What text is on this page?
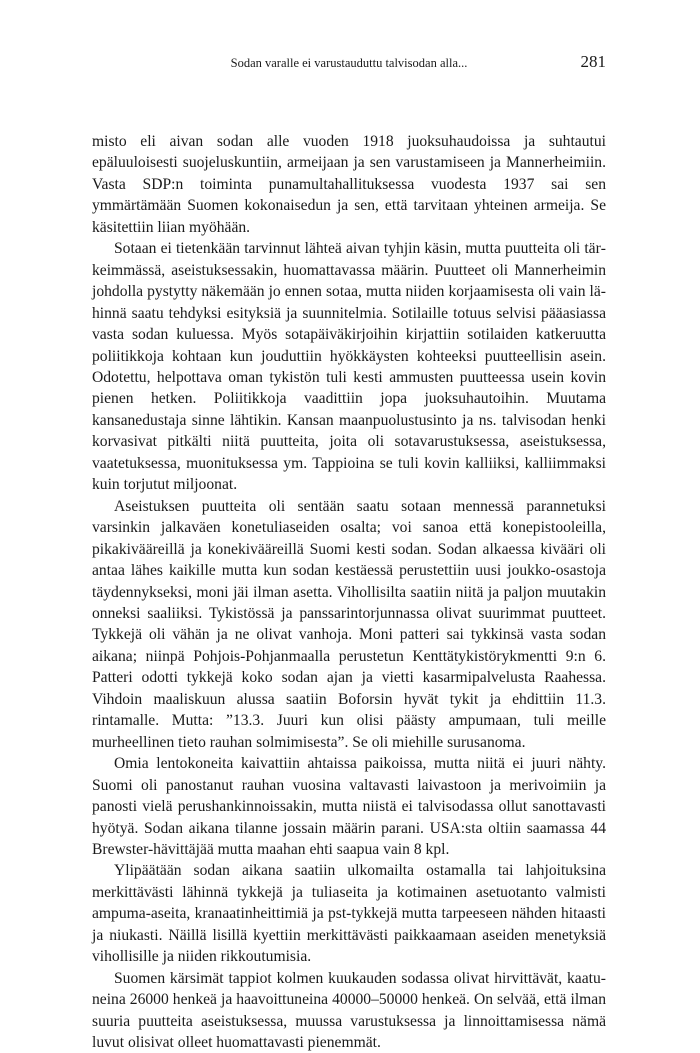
Sodan varalle ei varustauduttu talvisodan alla...	281

misto eli aivan sodan alle vuoden 1918 juoksuhaudoissa ja suhtautui epäluuloisesti suojeluskuntiin, armeijaan ja sen varustamiseen ja Mannerheimiin. Vasta SDP:n toiminta punamultahallituksessa vuodesta 1937 sai sen ymmärtämään Suomen kokonaisedun ja sen, että tarvitaan yhteinen armeija. Se käsitettiin liian myöhään.

Sotaan ei tietenkään tarvinnut lähteä aivan tyhjin käsin, mutta puutteita oli tärkeimmässä, aseistuksessakin, huomattavassa määrin. Puutteet oli Mannerheimin johdolla pystytty näkemään jo ennen sotaa, mutta niiden korjaamisesta oli vain lähinnä saatu tehdyksi esityksiä ja suunnitelmia. Sotilaille totuus selvisi pääasiassa vasta sodan kuluessa. Myös sotapäiväkirjoihin kirjattiin sotilaiden katkeruutta poliitikkoja kohtaan kun jouduttiin hyökkäysten kohteeksi puutteellisin asein. Odotettu, helpottava oman tykistön tuli kesti ammusten puutteessa usein kovin pienen hetken. Poliitikkoja vaadittiin jopa juoksuhautoihin. Muutama kansanedustaja sinne lähtikin. Kansan maanpuolustusinto ja ns. talvisodan henki korvasivat pitkälti niitä puutteita, joita oli sotavarustuksessa, aseistuksessa, vaatetuksessa, muonituksessa ym. Tappioina se tuli kovin kalliiksi, kalliimmaksi kuin torjutut miljoonat.

Aseistuksen puutteita oli sentään saatu sotaan mennessä parannetuksi varsinkin jalkaväen konetuliaseiden osalta; voi sanoa että konepistooleilla, pikakivääreillä ja konekivääreillä Suomi kesti sodan. Sodan alkaessa kivääri oli antaa lähes kaikille mutta kun sodan kestäessä perustettiin uusi joukko-osastoja täydennykseksi, moni jäi ilman asetta. Vihollisilta saatiin niitä ja paljon muutakin onneksi saaliiksi. Tykistössä ja panssarintorjunnassa olivat suurimmat puutteet. Tykkejä oli vähän ja ne olivat vanhoja. Moni patteri sai tykkinsä vasta sodan aikana; niinpä Pohjois-Pohjanmaalla perustetun Kenttätykistörykmentti 9:n 6. Patteri odotti tykkejä koko sodan ajan ja vietti kasarmipalvelusta Raahessa. Vihdoin maaliskuun alussa saatiin Boforsin hyvät tykit ja ehdittiin 11.3. rintamalle. Mutta: ”13.3. Juuri kun olisi päästy ampumaan, tuli meille murheellinen tieto rauhan solmimisesta”. Se oli miehille surusanoma.

Omia lentokoneita kaivattiin ahtaissa paikoissa, mutta niitä ei juuri nähty. Suomi oli panostanut rauhan vuosina valtavasti laivastoon ja merivoimiin ja panosti vielä perushankinnoissakin, mutta niistä ei talvisodassa ollut sanottavasti hyötyä. Sodan aikana tilanne jossain määrin parani. USA:sta oltiin saamassa 44 Brewster-hävittäjää mutta maahan ehti saapua vain 8 kpl.

Ylipäätään sodan aikana saatiin ulkomailta ostamalla tai lahjoituksina merkittävästi lähinnä tykkejä ja tuliaseita ja kotimainen asetuotanto valmisti ampuma-aseita, kranaatinheittimiä ja pst-tykkejä mutta tarpeeseen nähden hitaasti ja niukasti. Näillä lisillä kyettiin merkittävästi paikkaamaan aseiden menetyksiä vihollisille ja niiden rikkoutumisia.

Suomen kärsimät tappiot kolmen kuukauden sodassa olivat hirvittävät, kaatuneina 26000 henkeä ja haavoittuneina 40000–50000 henkeä. On selvää, että ilman suuria puutteita aseistuksessa, muussa varustuksessa ja linnoittamisessa nämä luvut olisivat olleet huomattavasti pienemmät.
